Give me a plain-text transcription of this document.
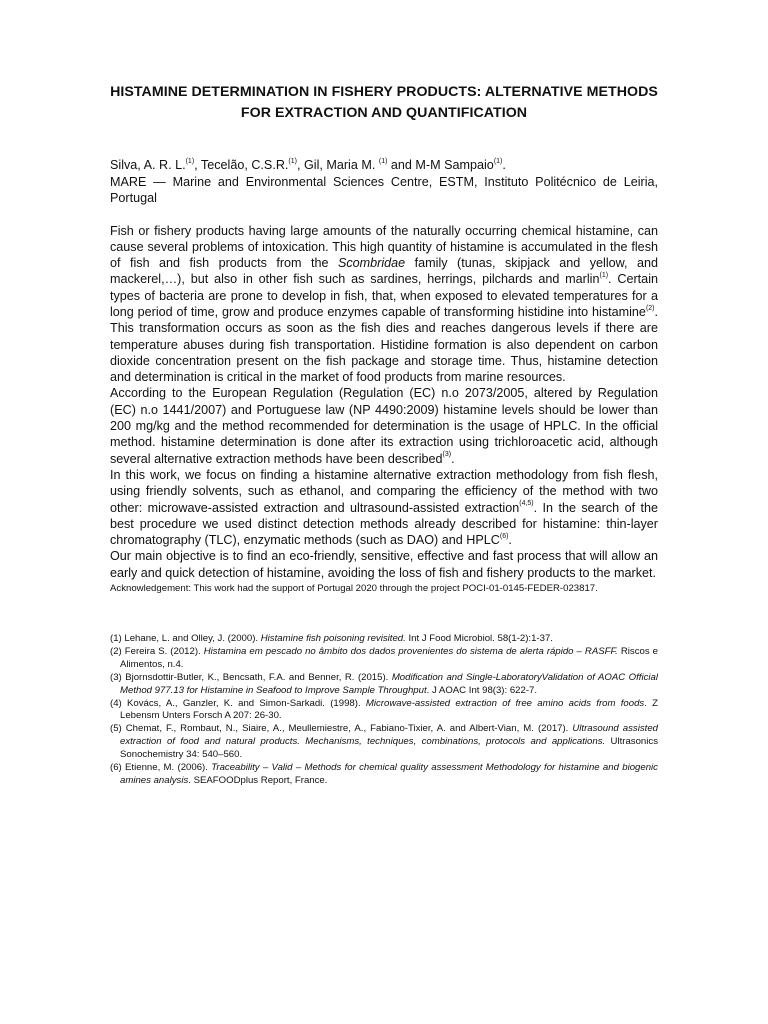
HISTAMINE DETERMINATION IN FISHERY PRODUCTS: ALTERNATIVE METHODS FOR EXTRACTION AND QUANTIFICATION
Silva, A. R. L.$^{(1)}$, Tecelão, C.S.R.$^{(1)}$, Gil, Maria M. $^{(1)}$ and M-M Sampaio$^{(1)}$.
MARE — Marine and Environmental Sciences Centre, ESTM, Instituto Politécnico de Leiria, Portugal

Fish or fishery products having large amounts of the naturally occurring chemical histamine, can cause several problems of intoxication. This high quantity of histamine is accumulated in the flesh of fish and fish products from the Scombridae family (tunas, skipjack and yellow, and mackerel,…), but also in other fish such as sardines, herrings, pilchards and marlin$^{(1)}$. Certain types of bacteria are prone to develop in fish, that, when exposed to elevated temperatures for a long period of time, grow and produce enzymes capable of transforming histidine into histamine$^{(2)}$. This transformation occurs as soon as the fish dies and reaches dangerous levels if there are temperature abuses during fish transportation. Histidine formation is also dependent on carbon dioxide concentration present on the fish package and storage time. Thus, histamine detection and determination is critical in the market of food products from marine resources.

According to the European Regulation (Regulation (EC) n.o 2073/2005, altered by Regulation (EC) n.o 1441/2007) and Portuguese law (NP 4490:2009) histamine levels should be lower than 200 mg/kg and the method recommended for determination is the usage of HPLC. In the official method. histamine determination is done after its extraction using trichloroacetic acid, although several alternative extraction methods have been described$^{(3)}$.

In this work, we focus on finding a histamine alternative extraction methodology from fish flesh, using friendly solvents, such as ethanol, and comparing the efficiency of the method with two other: microwave-assisted extraction and ultrasound-assisted extraction$^{(4,5)}$. In the search of the best procedure we used distinct detection methods already described for histamine: thin-layer chromatography (TLC), enzymatic methods (such as DAO) and HPLC$^{(6)}$.

Our main objective is to find an eco-friendly, sensitive, effective and fast process that will allow an early and quick detection of histamine, avoiding the loss of fish and fishery products to the market.

Acknowledgement: This work had the support of Portugal 2020 through the project POCI-01-0145-FEDER-023817.
(1) Lehane, L. and Olley, J. (2000). Histamine fish poisoning revisited. Int J Food Microbiol. 58(1-2):1-37.
(2) Fereira S. (2012). Histamina em pescado no âmbito dos dados provenientes do sistema de alerta rápido – RASFF. Riscos e Alimentos, n.4.
(3) Bjornsdottir-Butler, K., Bencsath, F.A. and Benner, R. (2015). Modification and Single-LaboratoryValidation of AOAC Official Method 977.13 for Histamine in Seafood to Improve Sample Throughput. J AOAC Int 98(3): 622-7.
(4) Kovács, A., Ganzler, K. and Simon-Sarkadi. (1998). Microwave-assisted extraction of free amino acids from foods. Z Lebensm Unters Forsch A 207: 26-30.
(5) Chemat, F., Rombaut, N., Siaire, A., Meullemiestre, A., Fabiano-Tixier, A. and Albert-Vian, M. (2017). Ultrasound assisted extraction of food and natural products. Mechanisms, techniques, combinations, protocols and applications. Ultrasonics Sonochemistry 34: 540–560.
(6) Etienne, M. (2006). Traceability – Valid – Methods for chemical quality assessment Methodology for histamine and biogenic amines analysis. SEAFOODplus Report, France.
